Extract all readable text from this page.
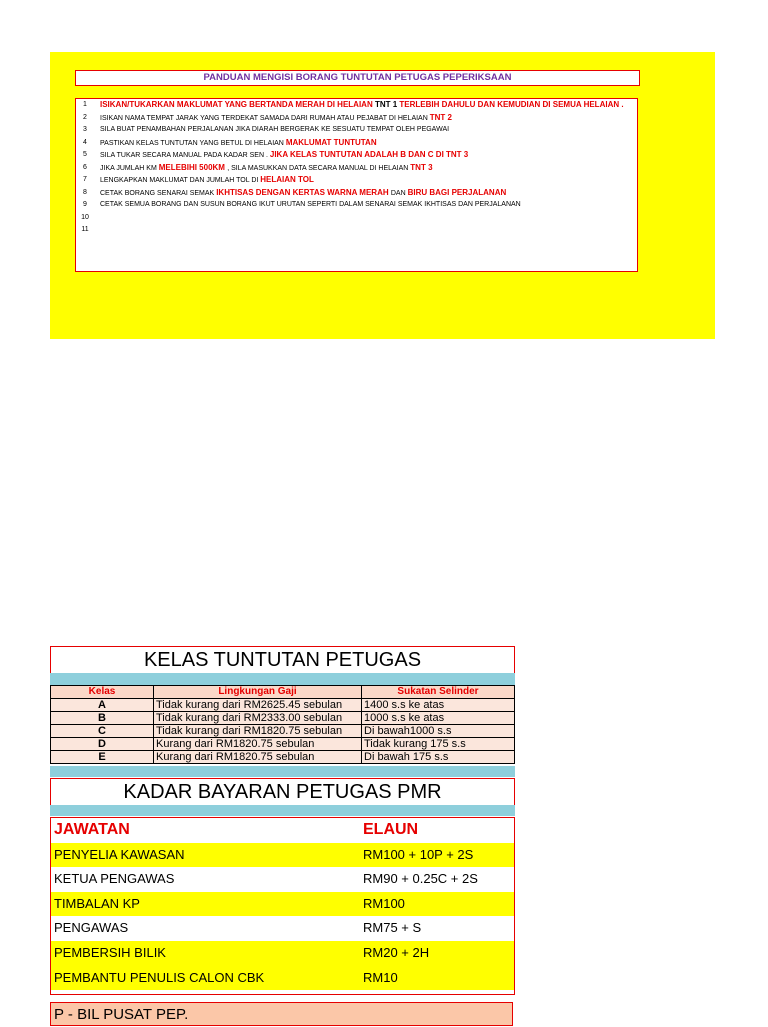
PANDUAN MENGISI BORANG TUNTUTAN PETUGAS PEPERIKSAAN
1	ISIKAN/TUKARKAN MAKLUMAT YANG BERTANDA MERAH DI HELAIAN TNT 1 TERLEBIH DAHULU DAN KEMUDIAN DI SEMUA HELAIAN .
2	ISIKAN NAMA TEMPAT JARAK YANG TERDEKAT SAMADA DARI RUMAH ATAU PEJABAT DI HELAIAN TNT 2
3	SILA BUAT PENAMBAHAN PERJALANAN JIKA DIARAH BERGERAK KE SESUATU TEMPAT OLEH PEGAWAI
4	PASTIKAN KELAS TUNTUTAN YANG BETUL DI HELAIAN MAKLUMAT TUNTUTAN
5	SILA TUKAR SECARA MANUAL PADA KADAR SEN . JIKA KELAS TUNTUTAN ADALAH B DAN C DI TNT 3
6	JIKA JUMLAH KM MELEBIHI 500KM , SILA MASUKKAN DATA SECARA MANUAL DI HELAIAN TNT 3
7	LENGKAPKAN MAKLUMAT DAN JUMLAH TOL DI HELAIAN TOL
8	CETAK BORANG SENARAI SEMAK IKHTISAS DENGAN KERTAS WARNA MERAH DAN BIRU BAGI PERJALANAN
9	CETAK SEMUA BORANG DAN SUSUN BORANG IKUT URUTAN SEPERTI DALAM SENARAI SEMAK IKHTISAS DAN PERJALANAN
10
11
KELAS TUNTUTAN PETUGAS
Kelas	Lingkungan Gaji	Sukatan Selinder
A	Tidak kurang dari RM2625.45 sebulan	1400 s.s ke atas
B	Tidak kurang dari RM2333.00 sebulan	1000 s.s ke atas
C	Tidak kurang dari RM1820.75 sebulan	Di bawah1000 s.s
D	Kurang dari RM1820.75 sebulan	Tidak kurang 175 s.s
E	Kurang dari RM1820.75 sebulan	Di bawah 175 s.s
KADAR BAYARAN PETUGAS PMR
JAWATAN	ELAUN
PENYELIA KAWASAN	RM100 + 10P + 2S
KETUA PENGAWAS	RM90 + 0.25C + 2S
TIMBALAN KP	RM100
PENGAWAS	RM75 + S
PEMBERSIH BILIK	RM20 + 2H
PEMBANTU PENULIS CALON CBK	RM10
P - BIL PUSAT PEP.
